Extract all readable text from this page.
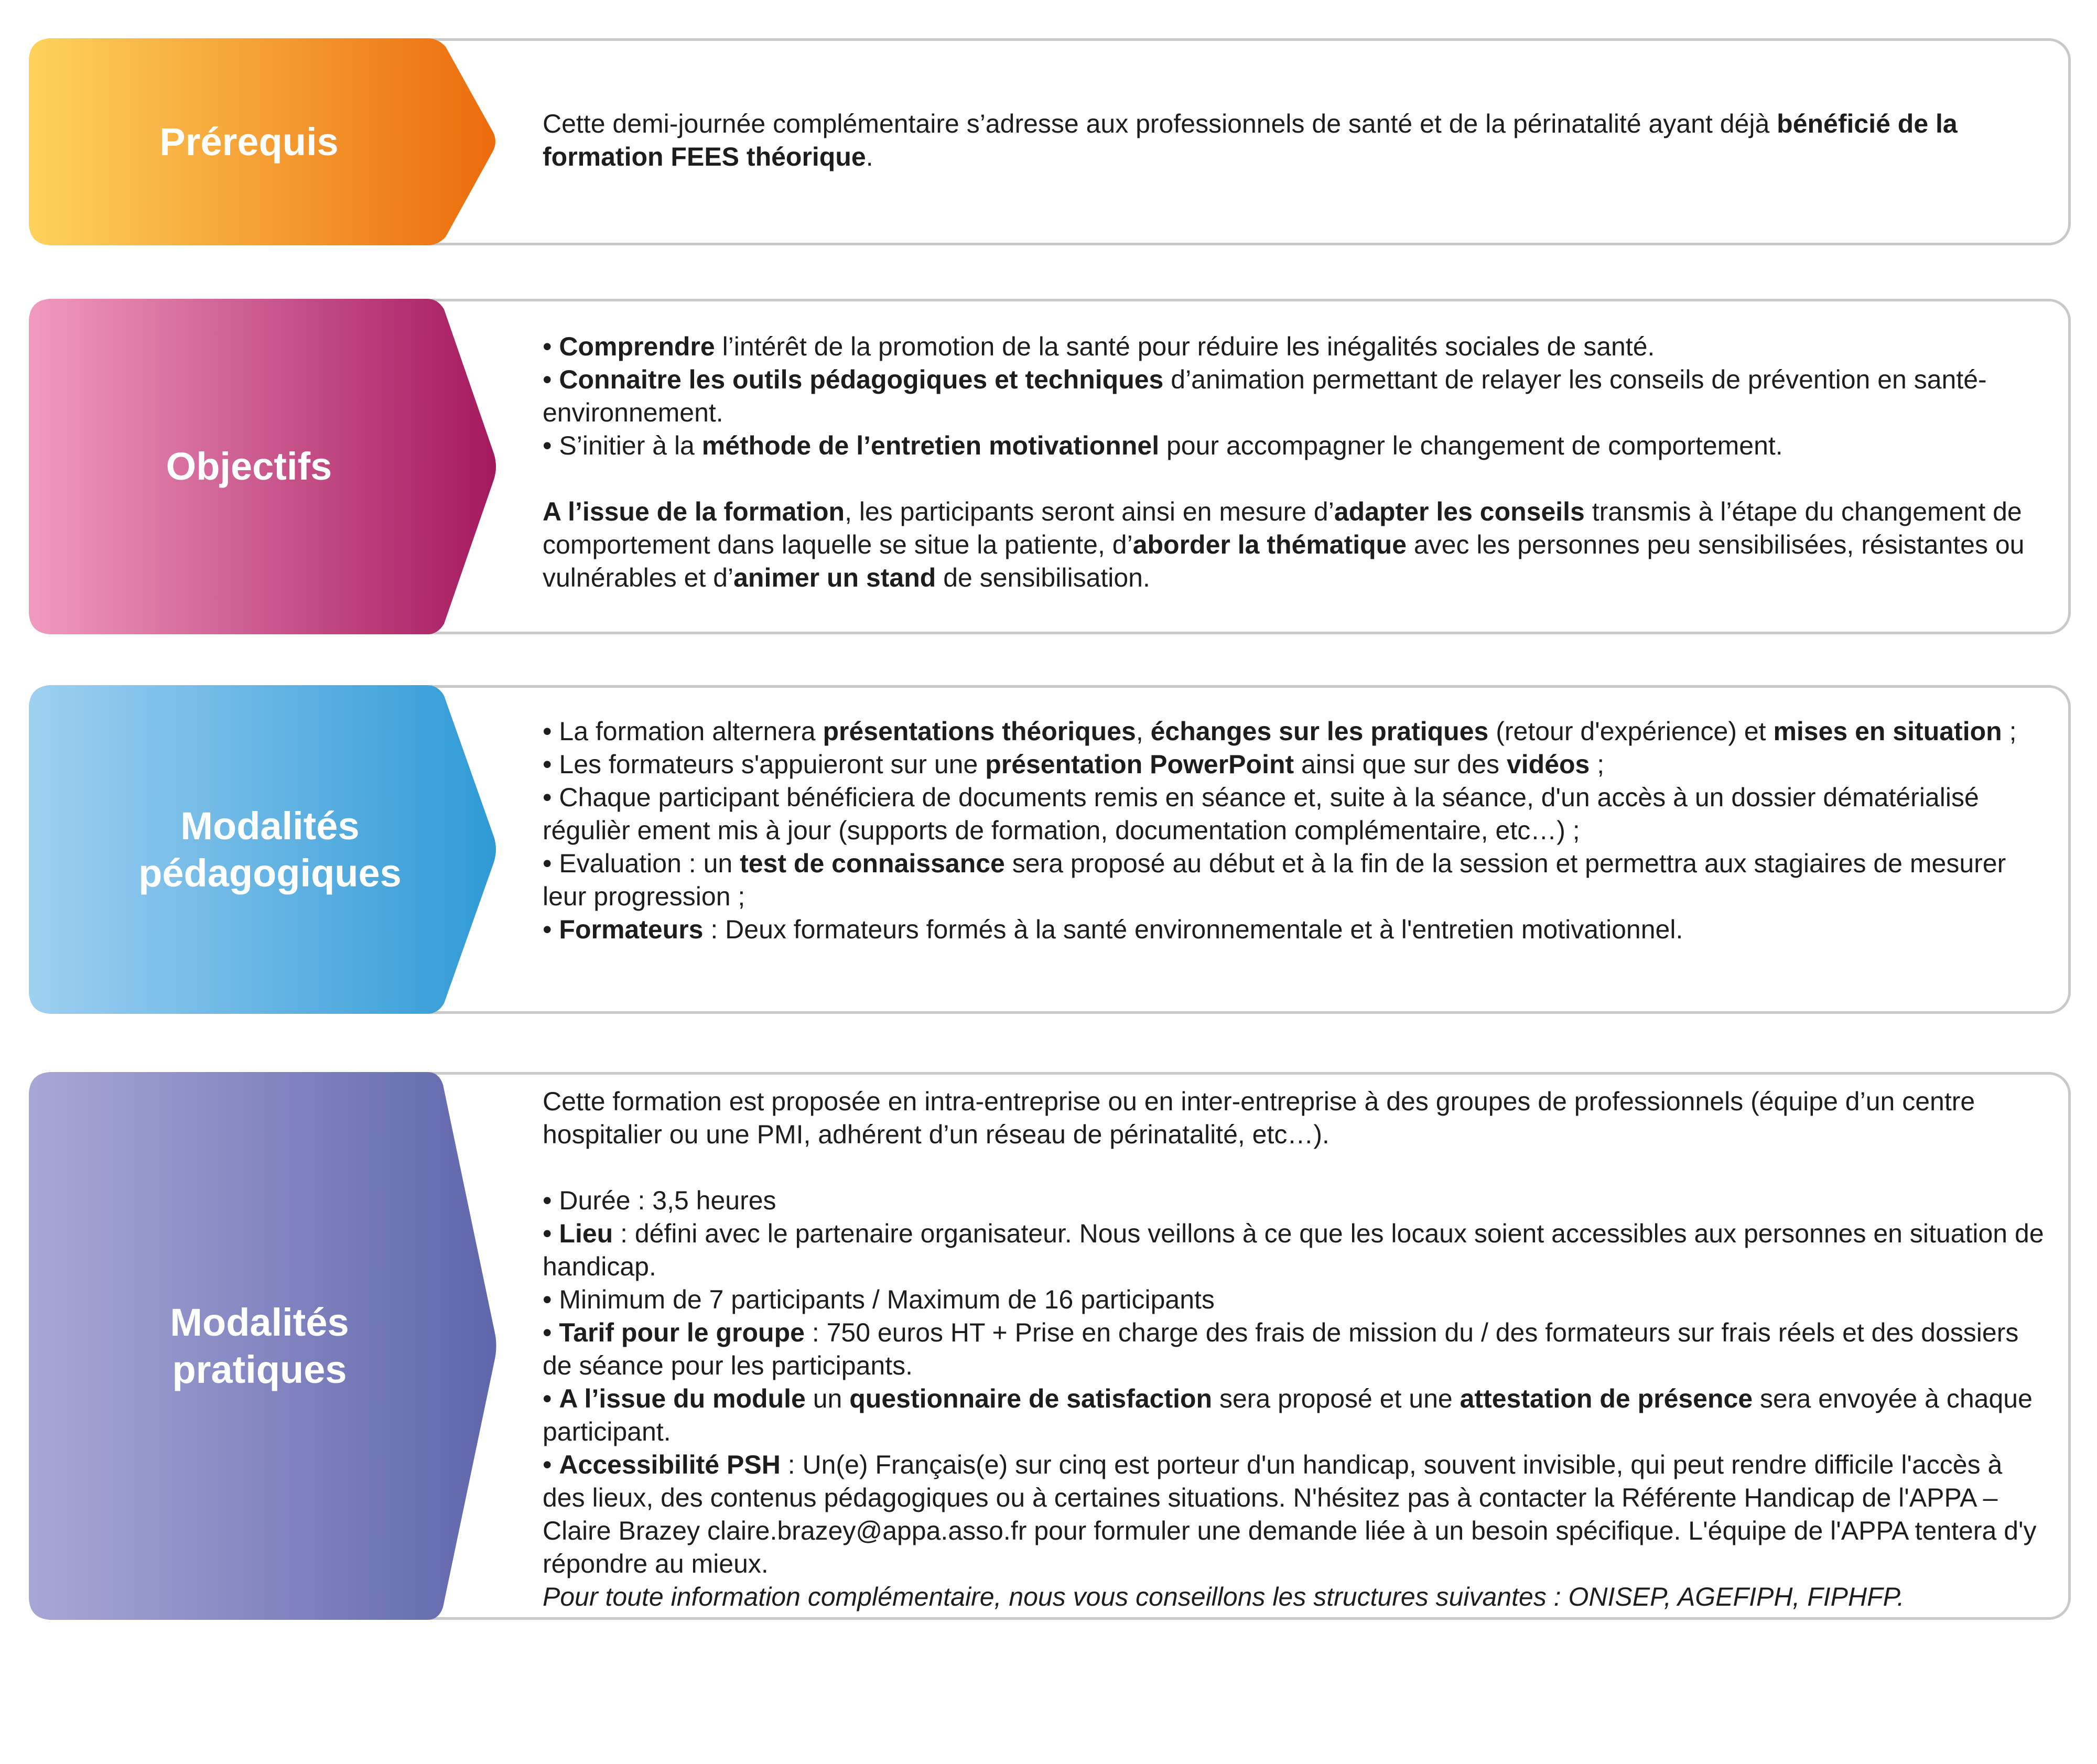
Prérequis	Cette demi-journée complémentaire s’adresse aux professionnels de santé et de la périnatalité ayant déjà bénéficié de la formation FEES théorique.

Objectifs

• Comprendre l’intérêt de la promotion de la santé pour réduire les inégalités sociales de santé.

• Connaitre les outils pédagogiques et techniques d’animation permettant de relayer les conseils de prévention en santé-environnement.

• S’initier à la méthode de l’entretien motivationnel pour accompagner le changement de comportement.

A l’issue de la formation, les participants seront ainsi en mesure d’adapter les conseils transmis à l’étape du changement de comportement dans laquelle se situe la patiente, d’aborder la thématique avec les personnes peu sensibilisées, résistantes ou vulnérables et d’animer un stand de sensibilisation.

Modalités
pédagogiques

• La formation alternera présentations théoriques, échanges sur les pratiques (retour d'expérience) et mises en situation ;

• Les formateurs s'appuieront sur une présentation PowerPoint ainsi que sur des vidéos ;

• Chaque participant bénéficiera de documents remis en séance et, suite à la séance, d'un accès à un dossier dématérialisé régulièr ement mis à jour (supports de formation, documentation complémentaire, etc…) ;

• Evaluation : un test de connaissance sera proposé au début et à la fin de la session et permettra aux stagiaires de mesurer leur progression ;

• Formateurs : Deux formateurs formés à la santé environnementale et à l'entretien motivationnel.

Modalités
pratiques

Cette formation est proposée en intra-entreprise ou en inter-entreprise à des groupes de professionnels (équipe d’un centre hospitalier ou une PMI, adhérent d’un réseau de périnatalité, etc…).

• Durée : 3,5 heures

• Lieu : défini avec le partenaire organisateur. Nous veillons à ce que les locaux soient accessibles aux personnes en situation de handicap.

• Minimum de 7 participants / Maximum de 16 participants

• Tarif pour le groupe : 750 euros HT + Prise en charge des frais de mission du / des formateurs sur frais réels et des dossiers de séance pour les participants.

• A l’issue du module un questionnaire de satisfaction sera proposé et une attestation de présence sera envoyée à chaque participant.

• Accessibilité PSH : Un(e) Français(e) sur cinq est porteur d'un handicap, souvent invisible, qui peut rendre difficile l'accès à des lieux, des contenus pédagogiques ou à certaines situations. N'hésitez pas à contacter la Référente Handicap de l'APPA – Claire Brazey claire.brazey@appa.asso.fr pour formuler une demande liée à un besoin spécifique. L'équipe de l'APPA tentera d'y répondre au mieux.

Pour toute information complémentaire, nous vous conseillons les structures suivantes : ONISEP, AGEFIPH, FIPHFP.
